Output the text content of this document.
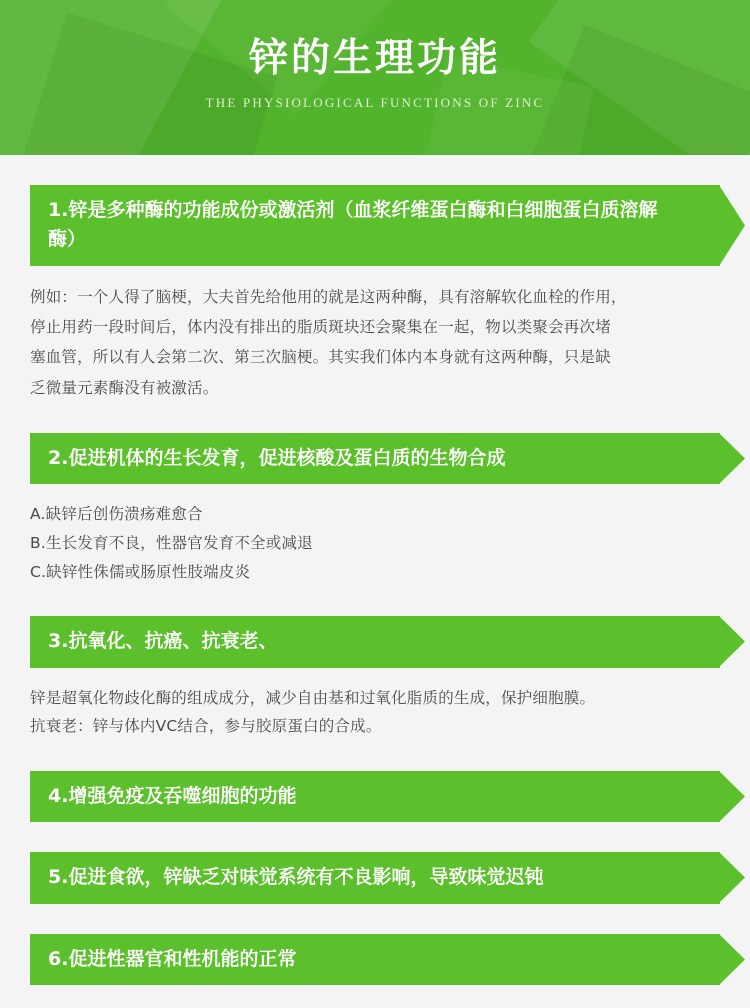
锌的生理功能
THE PHYSIOLOGICAL FUNCTIONS OF ZINC
1.锌是多种酶的功能成份或激活剂（血浆纤维蛋白酶和白细胞蛋白质溶解酶）
例如：一个人得了脑梗，大夫首先给他用的就是这两种酶，具有溶解软化血栓的作用，
停止用药一段时间后，体内没有排出的脂质斑块还会聚集在一起，物以类聚会再次堵
塞血管，所以有人会第二次、第三次脑梗。其实我们体内本身就有这两种酶，只是缺
乏微量元素酶没有被激活。
2.促进机体的生长发育，促进核酸及蛋白质的生物合成
A.缺锌后创伤溃疡难愈合
B.生长发育不良，性器官发育不全或减退
C.缺锌性侏儒或肠原性肢端皮炎
3.抗氧化、抗癌、抗衰老、
锌是超氧化物歧化酶的组成成分，减少自由基和过氧化脂质的生成，保护细胞膜。
抗衰老：锌与体内VC结合，参与胶原蛋白的合成。
4.增强免疫及吞噬细胞的功能
5.促进食欲，锌缺乏对味觉系统有不良影响，导致味觉迟钝
6.促进性器官和性机能的正常
